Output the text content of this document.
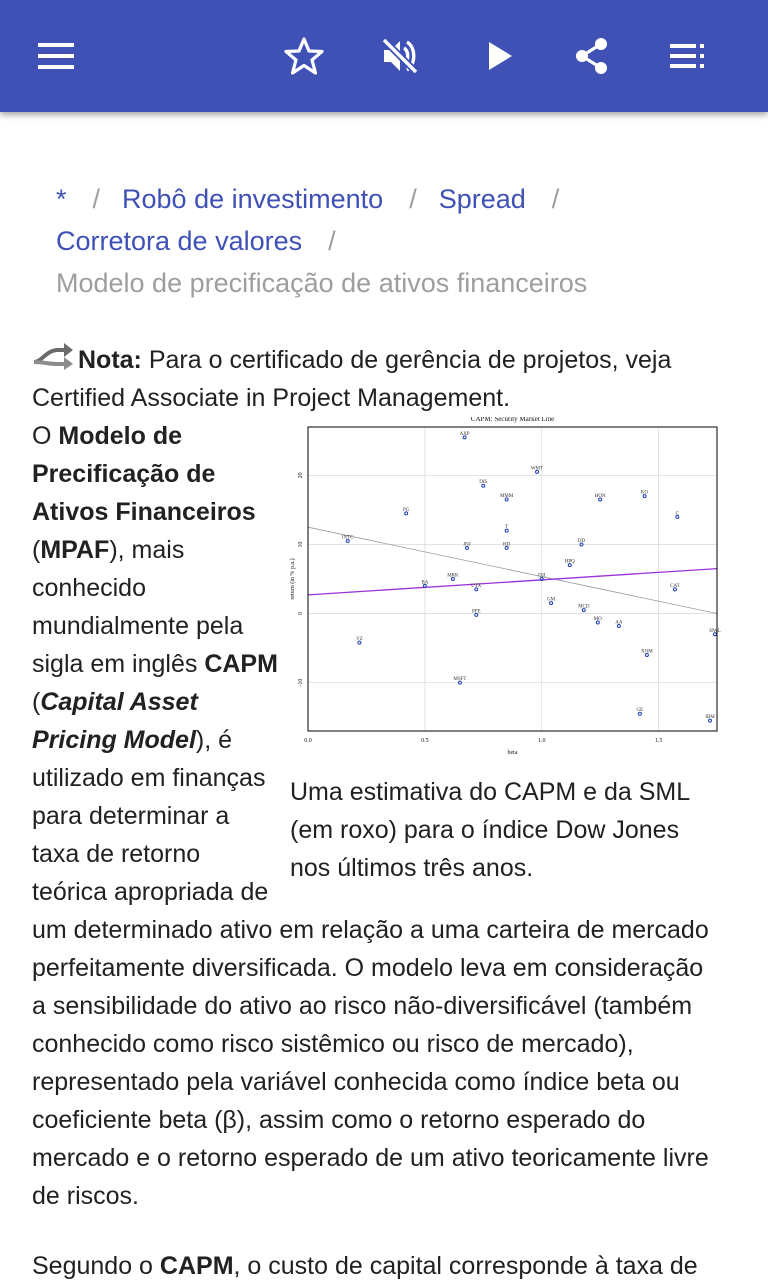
* / Robô de investimento / Spread /
Corretora de valores /
Modelo de precificação de ativos financeiros

Nota: Para o certificado de gerência de projetos, veja Certified Associate in Project Management.

CAPM: Security Market Line
0.0	0.5	1.0	1.5
-10
0
10
20
beta
return (in % p.a.)
AXP
WMT
DIS
MMM	HON
KO
PG
C
T
INTC
JNJ	HD
DD
HPQ
MRK	DJI
BA
UTX	CAT
GM
MCD
PFE
MO
AA
VZ
XOM
HWL
MSFT
GE
IBM
Uma estimativa do CAPM e da SML (em roxo) para o índice Dow Jones nos últimos três anos.

O Modelo de Precificação de Ativos Financeiros (MPAF), mais conhecido mundialmente pela sigla em inglês CAPM (Capital Asset Pricing Model), é utilizado em finanças para determinar a taxa de retorno teórica apropriada de um determinado ativo em relação a uma carteira de mercado perfeitamente diversificada. O modelo leva em consideração a sensibilidade do ativo ao risco não-diversificável (também conhecido como risco sistêmico ou risco de mercado), representado pela variável conhecida como índice beta ou coeficiente beta (β), assim como o retorno esperado do mercado e o retorno esperado de um ativo teoricamente livre de riscos.

Segundo o CAPM, o custo de capital corresponde à taxa de
